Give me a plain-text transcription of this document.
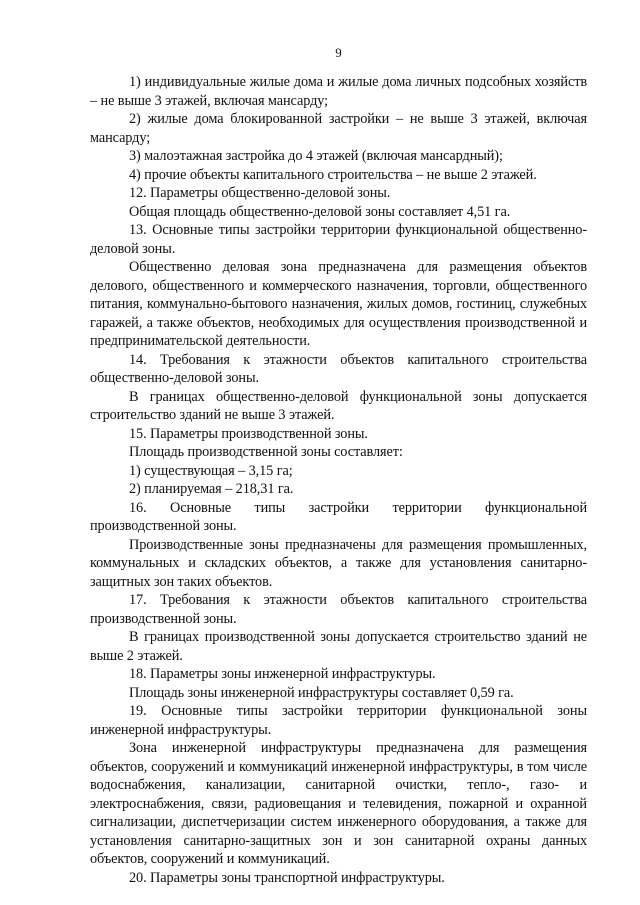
9

1) индивидуальные жилые дома и жилые дома личных подсобных хозяйств – не выше 3 этажей, включая мансарду;

2) жилые дома блокированной застройки – не выше 3 этажей, включая мансарду;

3) малоэтажная застройка до 4 этажей (включая мансардный);

4) прочие объекты капитального строительства – не выше 2 этажей.

12. Параметры общественно-деловой зоны.

Общая площадь общественно-деловой зоны составляет 4,51 га.

13. Основные типы застройки территории функциональной общественно-деловой зоны.

Общественно деловая зона предназначена для размещения объектов делового, общественного и коммерческого назначения, торговли, общественного питания, коммунально-бытового назначения, жилых домов, гостиниц, служебных гаражей, а также объектов, необходимых для осуществления производственной и предпринимательской деятельности.

14. Требования к этажности объектов капитального строительства общественно-деловой зоны.

В границах общественно-деловой функциональной зоны допускается строительство зданий не выше 3 этажей.

15. Параметры производственной зоны.

Площадь производственной зоны составляет:

1) существующая – 3,15 га;

2) планируемая – 218,31 га.

16. Основные типы застройки территории функциональной производственной зоны.

Производственные зоны предназначены для размещения промышленных, коммунальных и складских объектов, а также для установления санитарно-защитных зон таких объектов.

17. Требования к этажности объектов капитального строительства производственной зоны.

В границах производственной зоны допускается строительство зданий не выше 2 этажей.

18. Параметры зоны инженерной инфраструктуры.

Площадь зоны инженерной инфраструктуры составляет 0,59 га.

19. Основные типы застройки территории функциональной зоны инженерной инфраструктуры.

Зона инженерной инфраструктуры предназначена для размещения объектов, сооружений и коммуникаций инженерной инфраструктуры, в том числе водоснабжения, канализации, санитарной очистки, тепло-, газо- и электроснабжения, связи, радиовещания и телевидения, пожарной и охранной сигнализации, диспетчеризации систем инженерного оборудования, а также для установления санитарно-защитных зон и зон санитарной охраны данных объектов, сооружений и коммуникаций.

20. Параметры зоны транспортной инфраструктуры.
